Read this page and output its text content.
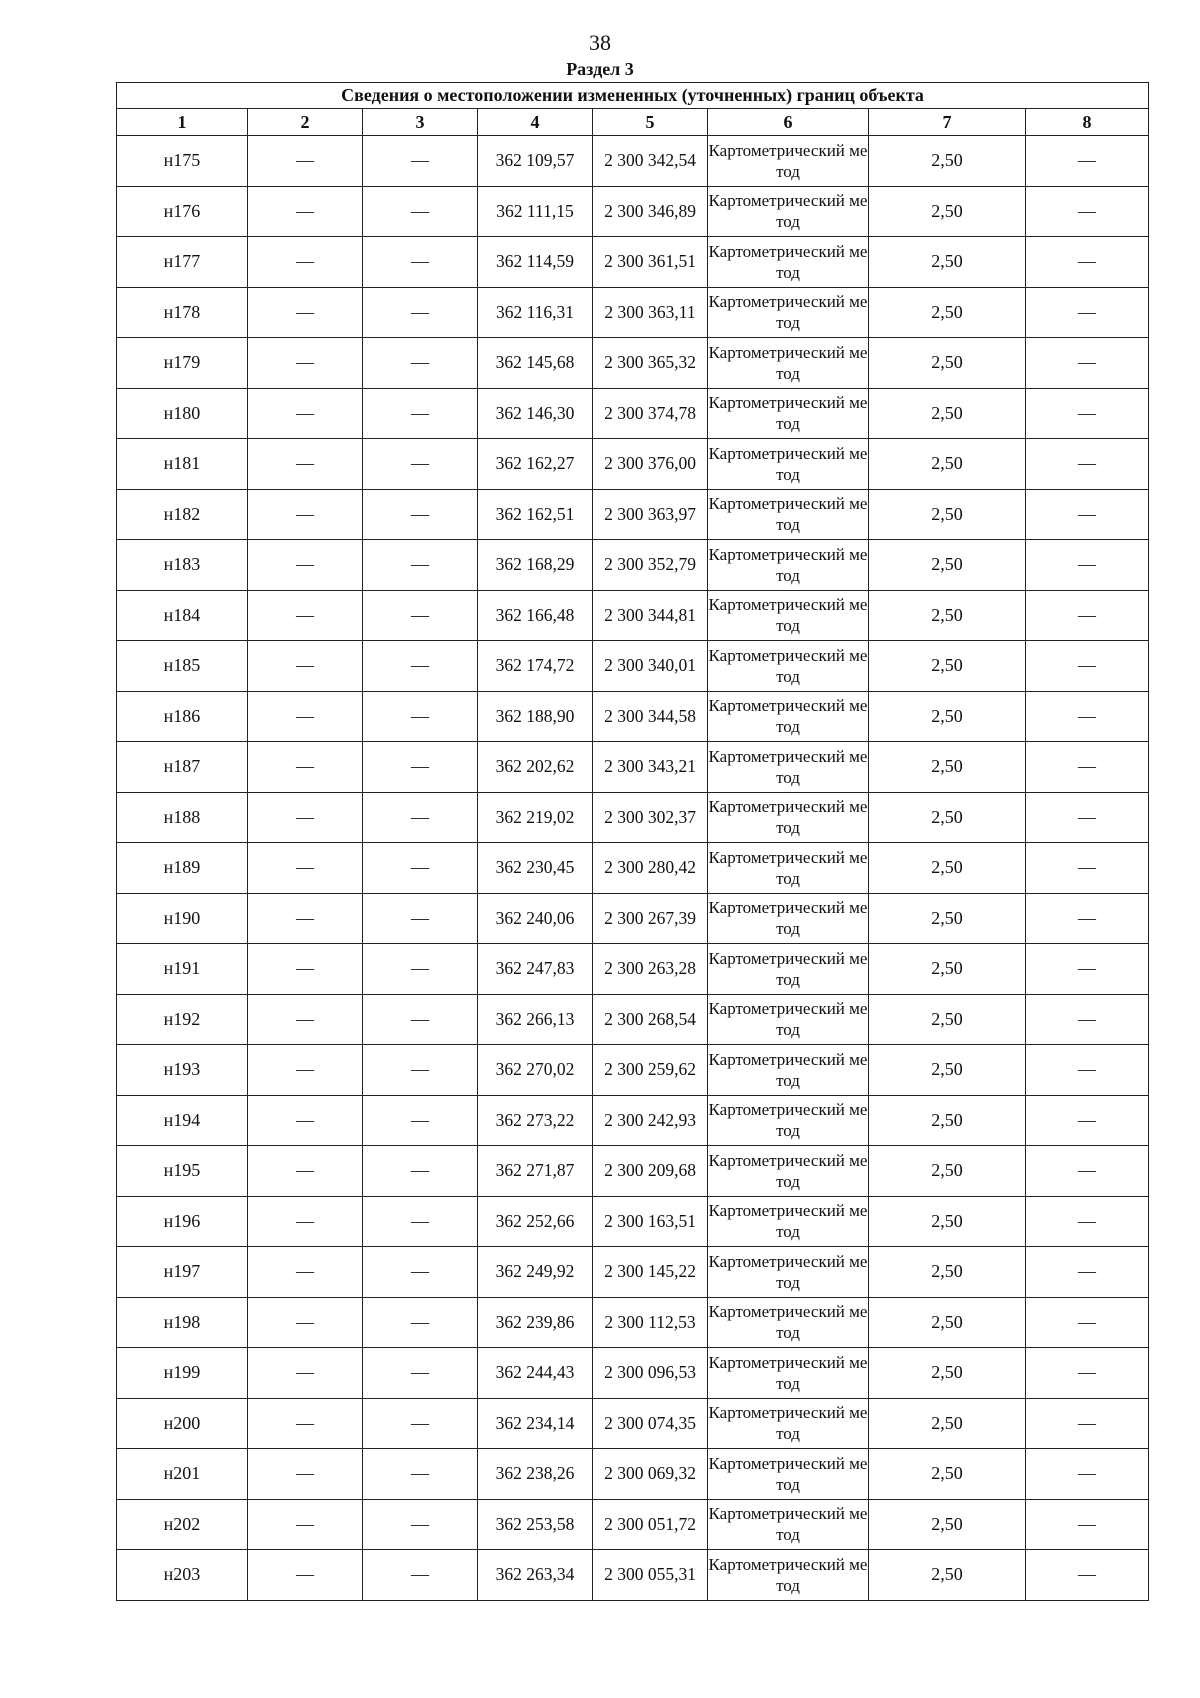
38
Раздел 3
Сведения о местоположении измененных (уточненных) границ объекта							
1	2	3	4	5	6	7	8
н175	—	—	362 109,57	2 300 342,54	Картометрический метод	2,50	—
н176	—	—	362 111,15	2 300 346,89	Картометрический метод	2,50	—
н177	—	—	362 114,59	2 300 361,51	Картометрический метод	2,50	—
н178	—	—	362 116,31	2 300 363,11	Картометрический метод	2,50	—
н179	—	—	362 145,68	2 300 365,32	Картометрический метод	2,50	—
н180	—	—	362 146,30	2 300 374,78	Картометрический метод	2,50	—
н181	—	—	362 162,27	2 300 376,00	Картометрический метод	2,50	—
н182	—	—	362 162,51	2 300 363,97	Картометрический метод	2,50	—
н183	—	—	362 168,29	2 300 352,79	Картометрический метод	2,50	—
н184	—	—	362 166,48	2 300 344,81	Картометрический метод	2,50	—
н185	—	—	362 174,72	2 300 340,01	Картометрический метод	2,50	—
н186	—	—	362 188,90	2 300 344,58	Картометрический метод	2,50	—
н187	—	—	362 202,62	2 300 343,21	Картометрический метод	2,50	—
н188	—	—	362 219,02	2 300 302,37	Картометрический метод	2,50	—
н189	—	—	362 230,45	2 300 280,42	Картометрический метод	2,50	—
н190	—	—	362 240,06	2 300 267,39	Картометрический метод	2,50	—
н191	—	—	362 247,83	2 300 263,28	Картометрический метод	2,50	—
н192	—	—	362 266,13	2 300 268,54	Картометрический метод	2,50	—
н193	—	—	362 270,02	2 300 259,62	Картометрический метод	2,50	—
н194	—	—	362 273,22	2 300 242,93	Картометрический метод	2,50	—
н195	—	—	362 271,87	2 300 209,68	Картометрический метод	2,50	—
н196	—	—	362 252,66	2 300 163,51	Картометрический метод	2,50	—
н197	—	—	362 249,92	2 300 145,22	Картометрический метод	2,50	—
н198	—	—	362 239,86	2 300 112,53	Картометрический метод	2,50	—
н199	—	—	362 244,43	2 300 096,53	Картометрический метод	2,50	—
н200	—	—	362 234,14	2 300 074,35	Картометрический метод	2,50	—
н201	—	—	362 238,26	2 300 069,32	Картометрический метод	2,50	—
н202	—	—	362 253,58	2 300 051,72	Картометрический метод	2,50	—
н203	—	—	362 263,34	2 300 055,31	Картометрический метод	2,50	—
